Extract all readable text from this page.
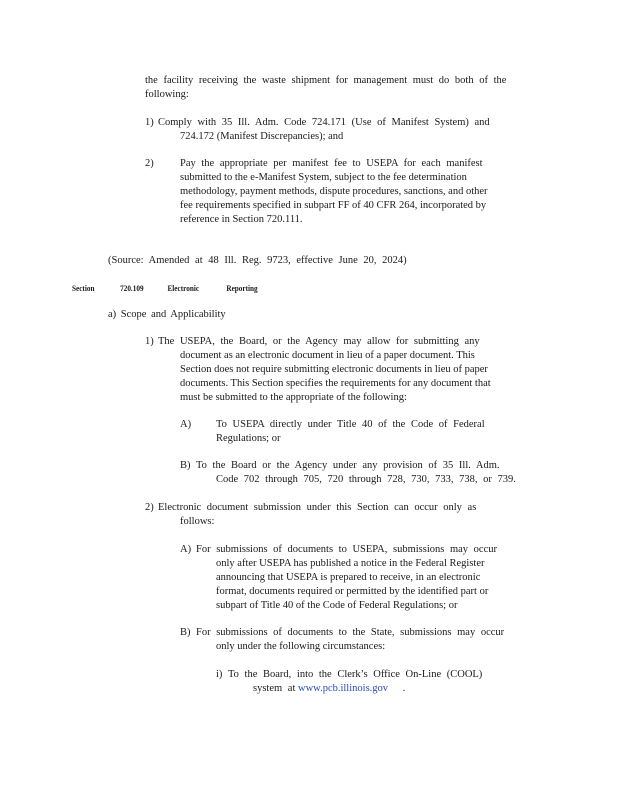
the facility receiving the waste shipment for management must do both of the
following:
1) Comply with 35 Ill. Adm. Code 724.171 (Use of Manifest System) and
724.172 (Manifest Discrepancies); and
2)	Pay the appropriate per manifest fee to USEPA for each manifest
submitted to the e-Manifest System, subject to the fee determination
methodology, payment methods, dispute procedures, sanctions, and other
fee requirements specified in subpart FF of 40 CFR 264, incorporated by
reference in Section 720.111.
(Source: Amended at 48 Ill. Reg. 9723, effective June 20, 2024)
Section	720.109	Electronic	Reporting
a) Scope and Applicability
1) The USEPA, the Board, or the Agency may allow for submitting any
document as an electronic document in lieu of a paper document. This
Section does not require submitting electronic documents in lieu of paper
documents. This Section specifies the requirements for any document that
must be submitted to the appropriate of the following:
A) To USEPA directly under Title 40 of the Code of Federal
Regulations; or
B) To the Board or the Agency under any provision of 35 Ill. Adm.
Code 702 through 705, 720 through 728, 730, 733, 738, or 739.
2) Electronic document submission under this Section can occur only as
follows:
A) For submissions of documents to USEPA, submissions may occur
only after USEPA has published a notice in the Federal Register
announcing that USEPA is prepared to receive, in an electronic
format, documents required or permitted by the identified part or
subpart of Title 40 of the Code of Federal Regulations; or
B) For submissions of documents to the State, submissions may occur
only under the following circumstances:
i) To the Board, into the Clerk’s Office On-Line (COOL)
system at www.pcb.illinois.gov .
